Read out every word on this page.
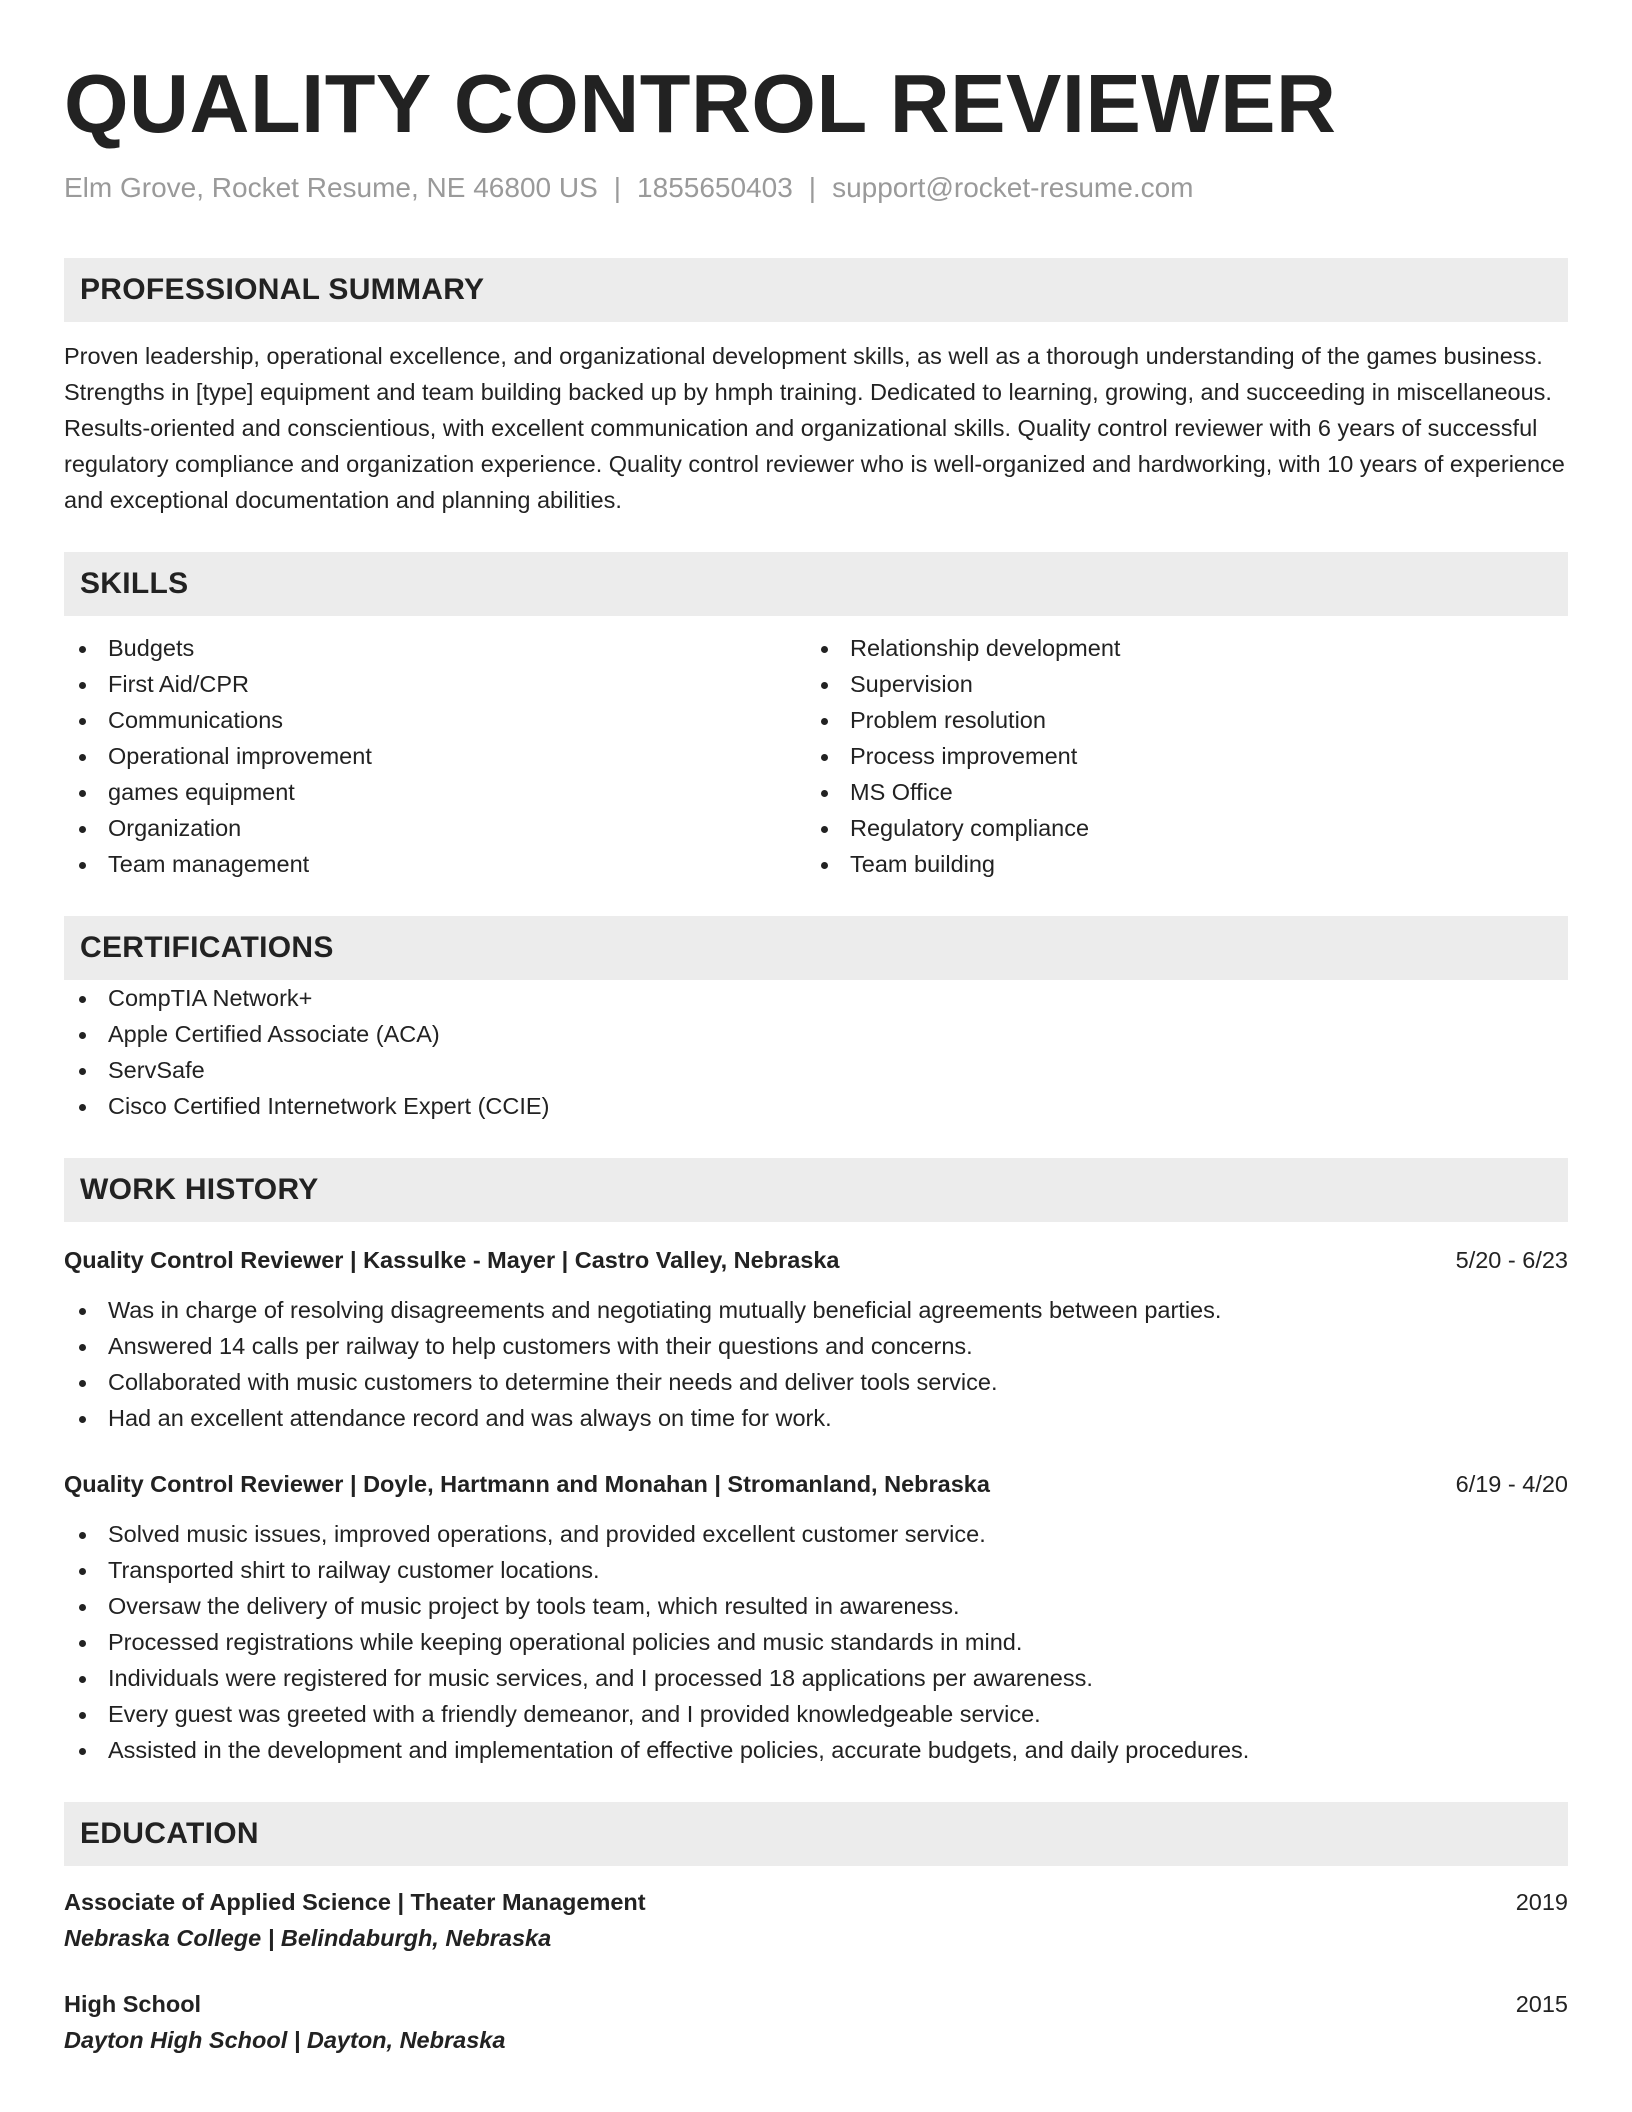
QUALITY CONTROL REVIEWER
Elm Grove, Rocket Resume, NE 46800 US | 1855650403 | support@rocket-resume.com
PROFESSIONAL SUMMARY
Proven leadership, operational excellence, and organizational development skills, as well as a thorough understanding of the games business. Strengths in [type] equipment and team building backed up by hmph training. Dedicated to learning, growing, and succeeding in miscellaneous. Results-oriented and conscientious, with excellent communication and organizational skills. Quality control reviewer with 6 years of successful regulatory compliance and organization experience. Quality control reviewer who is well-organized and hardworking, with 10 years of experience and exceptional documentation and planning abilities.
SKILLS
Budgets
First Aid/CPR
Communications
Operational improvement
games equipment
Organization
Team management
Relationship development
Supervision
Problem resolution
Process improvement
MS Office
Regulatory compliance
Team building
CERTIFICATIONS
CompTIA Network+
Apple Certified Associate (ACA)
ServSafe
Cisco Certified Internetwork Expert (CCIE)
WORK HISTORY
Quality Control Reviewer | Kassulke - Mayer | Castro Valley, Nebraska	5/20 - 6/23
Was in charge of resolving disagreements and negotiating mutually beneficial agreements between parties.
Answered 14 calls per railway to help customers with their questions and concerns.
Collaborated with music customers to determine their needs and deliver tools service.
Had an excellent attendance record and was always on time for work.
Quality Control Reviewer | Doyle, Hartmann and Monahan | Stromanland, Nebraska	6/19 - 4/20
Solved music issues, improved operations, and provided excellent customer service.
Transported shirt to railway customer locations.
Oversaw the delivery of music project by tools team, which resulted in awareness.
Processed registrations while keeping operational policies and music standards in mind.
Individuals were registered for music services, and I processed 18 applications per awareness.
Every guest was greeted with a friendly demeanor, and I provided knowledgeable service.
Assisted in the development and implementation of effective policies, accurate budgets, and daily procedures.
EDUCATION
Associate of Applied Science | Theater Management	2019
Nebraska College | Belindaburgh, Nebraska
High School	2015
Dayton High School | Dayton, Nebraska
